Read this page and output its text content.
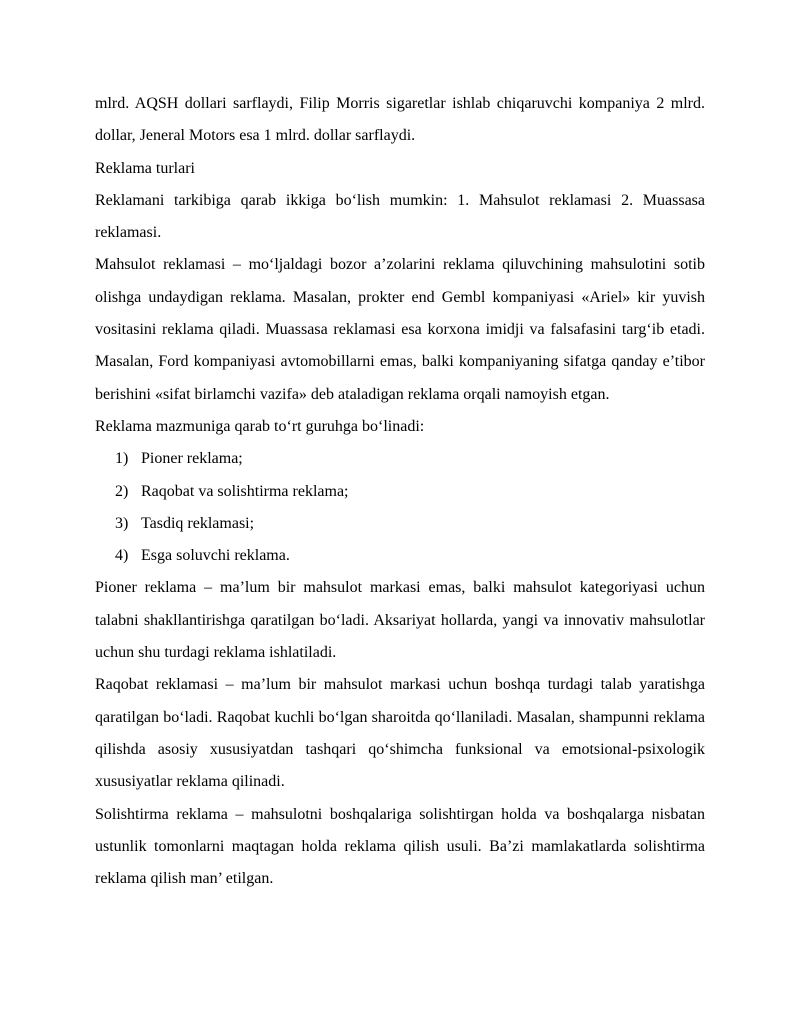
mlrd. AQSH dollari sarflaydi, Filip Morris sigaretlar ishlab chiqaruvchi kompaniya 2 mlrd. dollar, Jeneral Motors esa 1 mlrd. dollar sarflaydi.

Reklama turlari

Reklamani tarkibiga qarab ikkiga bo‘lish mumkin: 1. Mahsulot reklamasi 2. Muassasa reklamasi.

Mahsulot reklamasi – mo‘ljaldagi bozor a’zolarini reklama qiluvchining mahsulotini sotib olishga undaydigan reklama. Masalan, prokter end Gembl kompaniyasi «Ariel» kir yuvish vositasini reklama qiladi. Muassasa reklamasi esa korxona imidji va falsafasini targ‘ib etadi. Masalan, Ford kompaniyasi avtomobillarni emas, balki kompaniyaning sifatga qanday e’tibor berishini «sifat birlamchi vazifa» deb ataladigan reklama orqali namoyish etgan.

Reklama mazmuniga qarab to‘rt guruhga bo‘linadi:

1) Pioner reklama;
2) Raqobat va solishtirma reklama;
3) Tasdiq reklamasi;
4) Esga soluvchi reklama.

Pioner reklama – ma’lum bir mahsulot markasi emas, balki mahsulot kategoriyasi uchun talabni shakllantirishga qaratilgan bo‘ladi. Aksariyat hollarda, yangi va innovativ mahsulotlar uchun shu turdagi reklama ishlatiladi.

Raqobat reklamasi – ma’lum bir mahsulot markasi uchun boshqa turdagi talab yaratishga qaratilgan bo‘ladi. Raqobat kuchli bo‘lgan sharoitda qo‘llaniladi. Masalan, shampunni reklama qilishda asosiy xususiyatdan tashqari qo‘shimcha funksional va emotsional-psixologik xususiyatlar reklama qilinadi.

Solishtirma reklama – mahsulotni boshqalariga solishtirgan holda va boshqalarga nisbatan ustunlik tomonlarni maqtagan holda reklama qilish usuli. Ba’zi mamlakatlarda solishtirma reklama qilish man’ etilgan.
